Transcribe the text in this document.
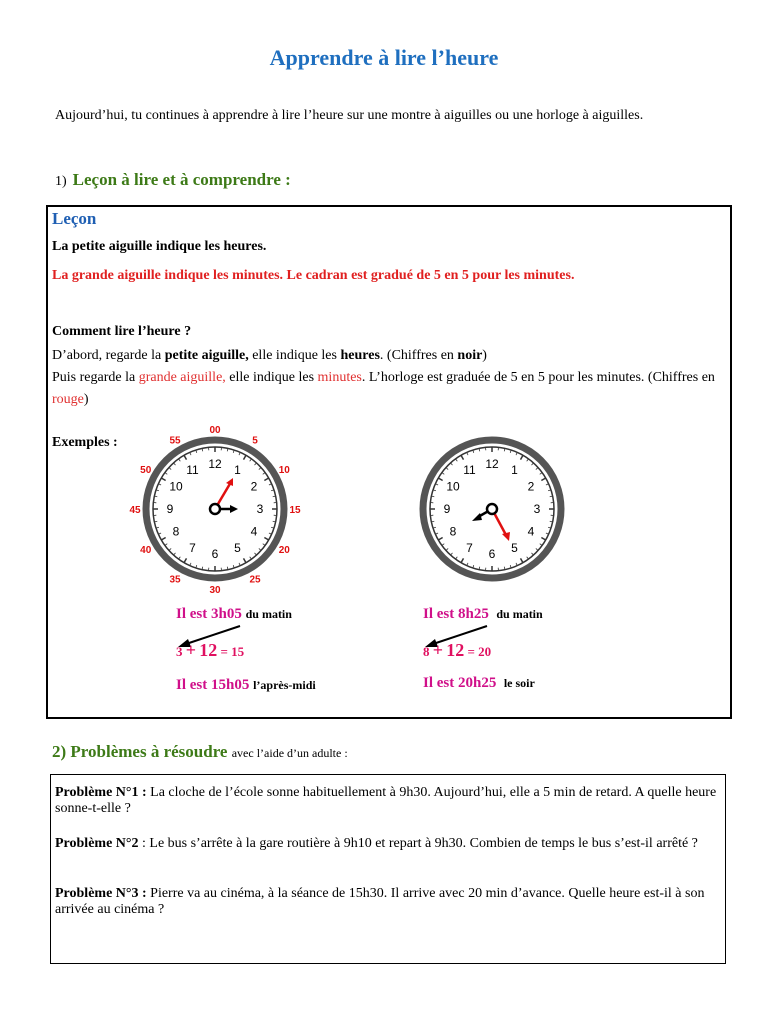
Apprendre à lire l’heure
Aujourd’hui, tu continues à apprendre à lire l’heure sur une montre à aiguilles ou une horloge à aiguilles.
1) Leçon à lire et à comprendre :
Leçon
La petite aiguille indique les heures.
La grande aiguille indique les minutes. Le cadran est gradué de 5 en 5 pour les minutes.
Comment lire l’heure ?
D’abord, regarde la petite aiguille, elle indique les heures. (Chiffres en noir)
Puis regarde la grande aiguille, elle indique les minutes. L’horloge est graduée de 5 en 5 pour les minutes. (Chiffres en rouge)
Exemples :
12 1
2
3
4
5
6
7
8
9
10
11
00
5
10
15
20
25
30
35
40
45
50
55
12 1
2
3
4
5
6
7
8
9
10
11
Il est 3h05 du matin
3 + 12 = 15
Il est 15h05 l’après-midi
Il est 8h25 du matin
8 + 12 = 20
Il est 20h25 le soir
2) Problèmes à résoudre avec l’aide d’un adulte :
Problème N°1 : La cloche de l’école sonne habituellement à 9h30. Aujourd’hui, elle a 5 min de retard. A quelle heure sonne-t-elle ?
Problème N°2 : Le bus s’arrête à la gare routière à 9h10 et repart à 9h30. Combien de temps le bus s’est-il arrêté ?
Problème N°3 : Pierre va au cinéma, à la séance de 15h30. Il arrive avec 20 min d’avance. Quelle heure est-il à son arrivée au cinéma ?
